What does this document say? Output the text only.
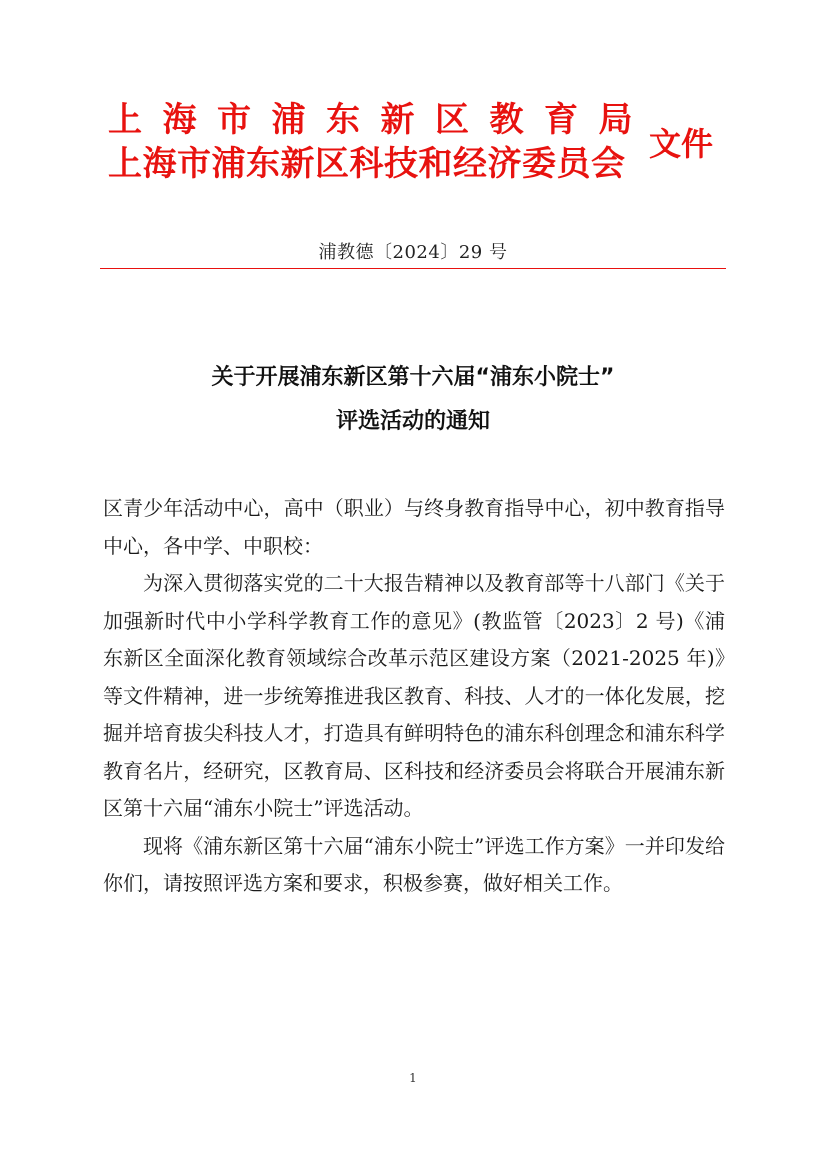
上海市浦东新区教育局
上海市浦东新区科技和经济委员会 文件
浦教德〔2024〕29 号
关于开展浦东新区第十六届“浦东小院士”
评选活动的通知

区青少年活动中心，高中（职业）与终身教育指导中心，初中教育指导中心，各中学、中职校：

为深入贯彻落实党的二十大报告精神以及教育部等十八部门《关于加强新时代中小学科学教育工作的意见》(教监管〔2023〕2 号)《浦东新区全面深化教育领域综合改革示范区建设方案（2021-2025 年)》等文件精神，进一步统筹推进我区教育、科技、人才的一体化发展，挖掘并培育拔尖科技人才，打造具有鲜明特色的浦东科创理念和浦东科学教育名片，经研究，区教育局、区科技和经济委员会将联合开展浦东新区第十六届“浦东小院士”评选活动。

现将《浦东新区第十六届“浦东小院士”评选工作方案》一并印发给你们，请按照评选方案和要求，积极参赛，做好相关工作。

1
